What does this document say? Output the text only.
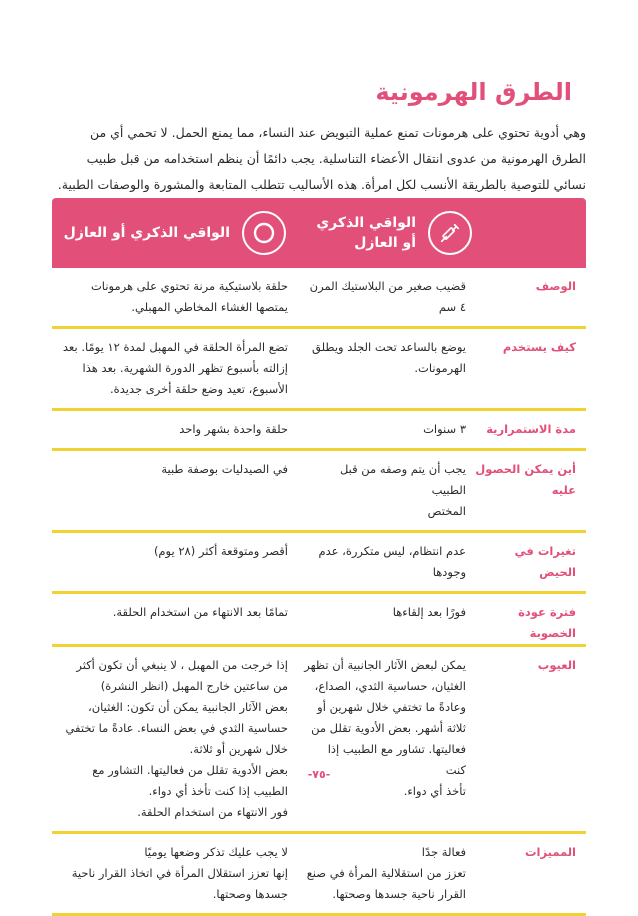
الطرق الهرمونية

وهي أدوية تحتوي على هرمونات تمنع عملية التبويض عند النساء، مما يمنع الحمل. لا تحمي أي من الطرق الهرمونية من عدوى انتقال الأعضاء التناسلية. يجب دائمًا أن ينظم استخدامه من قبل طبيب نسائي للتوصية بالطريقة الأنسب لكل امرأة. هذه الأساليب تتطلب المتابعة والمشورة والوصفات الطبية.

الواقي الذكري أو العازل
الواقي الذكري أو العازل
الوصف
قضيب صغير من البلاستيك المرن
٤ سم
حلقة بلاستيكية مرنة تحتوي على هرمونات
يمتصها الغشاء المخاطي المهبلي.
كيف يستخدم
يوضع بالساعد تحت الجلد ويطلق
الهرمونات.
تضع المرأة الحلقة في المهبل لمدة ١٢ يومًا. بعد
إزالته بأسبوع تظهر الدورة الشهرية. بعد هذا
الأسبوع، تعيد وضع حلقة أخرى جديدة.
مدة الاستمرارية
٣ سنوات
حلقة واحدة بشهر واحد
أين يمكن الحصول عليه
يجب أن يتم وصفه من قبل الطبيب
المختص
في الصيدليات بوصفة طبية
تغيرات في الحيض
عدم انتظام، ليس متكررة، عدم
وجودها
أقصر ومتوقعة أكثر (٢٨ يوم)
فترة عودة الخصوبة
فورًا بعد إلقاءها
تمامًا بعد الانتهاء من استخدام الحلقة.
العيوب
يمكن لبعض الآثار الجانبية أن تظهر
الغثيان، حساسية الثدي، الصداع،
وعادةً ما تختفي خلال شهرين أو
ثلاثة أشهر. بعض الأدوية تقلل من
فعاليتها. تشاور مع الطبيب إذا كنت
تأخذ أي دواء.
إذا خرجت من المهبل ، لا ينبغي أن تكون أكثر
من ساعتين خارج المهبل (انظر النشرة)
بعض الآثار الجانبية يمكن أن تكون: الغثيان،
حساسية الثدي في بعض النساء. عادةً ما تختفي
خلال شهرين أو ثلاثة.
بعض الأدوية تقلل من فعاليتها. التشاور مع
الطبيب إذا كنت تأخذ أي دواء.
فور الانتهاء من استخدام الحلقة.
المميزات
فعالة جدًا
تعزز من استقلالية المرأة في صنع
القرار ناحية جسدها وصحتها.
لا يجب عليك تذكر وضعها يوميًا
إنها تعزز استقلال المرأة في اتخاذ القرار ناحية
جسدها وصحتها.
-٧٥-
